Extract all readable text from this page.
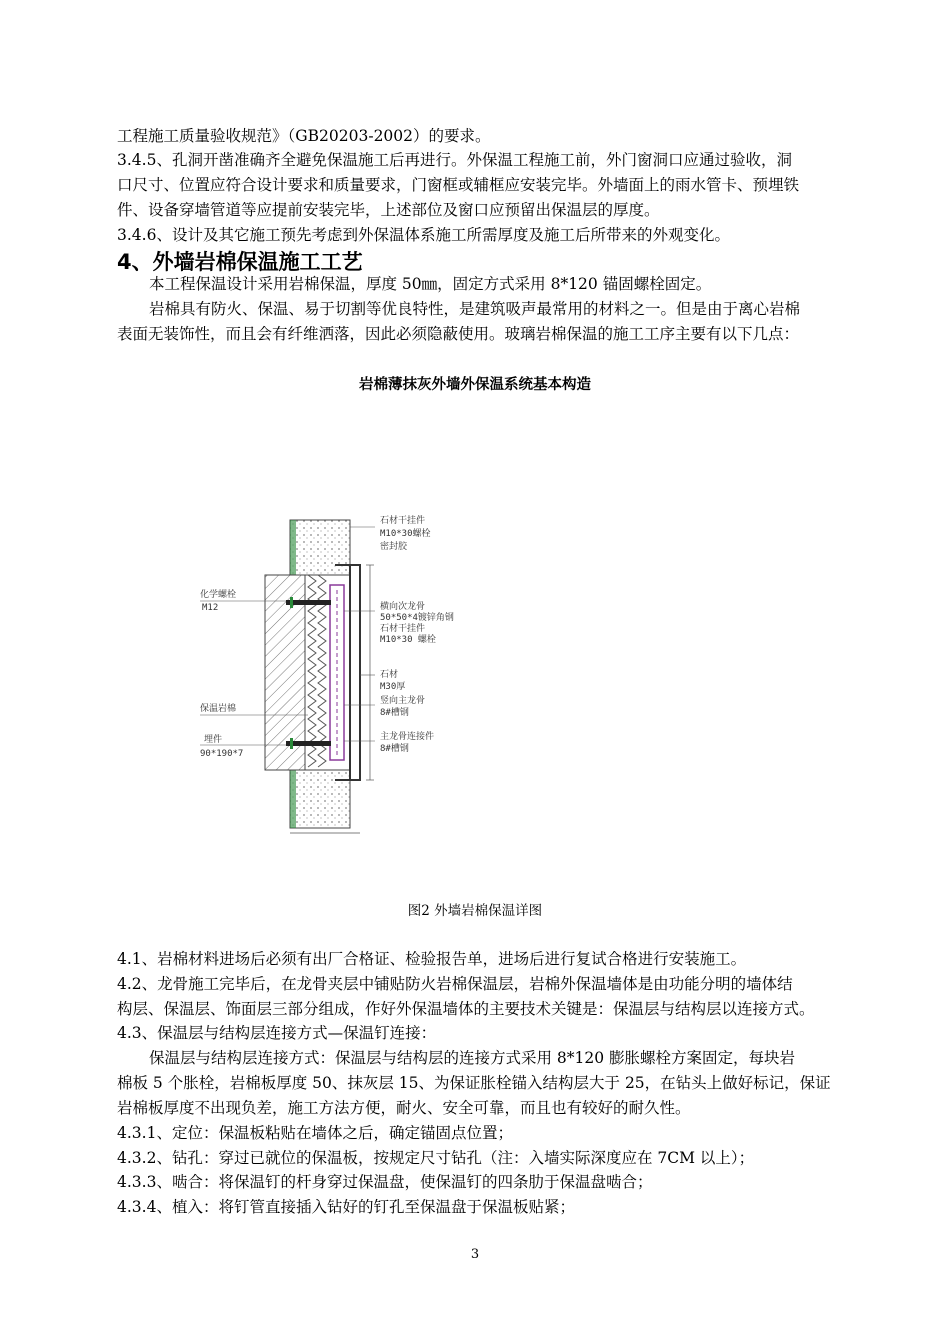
工程施工质量验收规范》（GB20203-2002）的要求。
3.4.5、孔洞开凿准确齐全避免保温施工后再进行。外保温工程施工前，外门窗洞口应通过验收，洞
口尺寸、位置应符合设计要求和质量要求，门窗框或辅框应安装完毕。外墙面上的雨水管卡、预埋铁
件、设备穿墙管道等应提前安装完毕，上述部位及窗口应预留出保温层的厚度。
3.4.6、设计及其它施工预先考虑到外保温体系施工所需厚度及施工后所带来的外观变化。
4、外墙岩棉保温施工工艺
本工程保温设计采用岩棉保温，厚度 50㎜，固定方式采用 8*120 锚固螺栓固定。
岩棉具有防火、保温、易于切割等优良特性，是建筑吸声最常用的材料之一。但是由于离心岩棉
表面无装饰性，而且会有纤维洒落，因此必须隐蔽使用。玻璃岩棉保温的施工工序主要有以下几点：
岩棉薄抹灰外墙外保温系统基本构造
石材干挂件
M10*30螺栓
密封胶
横向次龙骨
50*50*4镀锌角钢
石材干挂件
M10*30 螺栓
石材
M30厚
竖向主龙骨
8#槽钢
主龙骨连接件
8#槽钢
化学螺栓
M12
保温岩棉
埋件
90*190*7
图2 外墙岩棉保温详图
4.1、岩棉材料进场后必须有出厂合格证、检验报告单，进场后进行复试合格进行安装施工。
4.2、龙骨施工完毕后，在龙骨夹层中铺贴防火岩棉保温层，岩棉外保温墙体是由功能分明的墙体结
构层、保温层、饰面层三部分组成，作好外保温墙体的主要技术关键是：保温层与结构层以连接方式。
4.3、保温层与结构层连接方式—保温钉连接：
保温层与结构层连接方式：保温层与结构层的连接方式采用 8*120 膨胀螺栓方案固定，每块岩
棉板 5 个胀栓，岩棉板厚度 50、抹灰层 15、为保证胀栓锚入结构层大于 25，在钻头上做好标记，保证
岩棉板厚度不出现负差，施工方法方便，耐火、安全可靠，而且也有较好的耐久性。
4.3.1、定位：保温板粘贴在墙体之后，确定锚固点位置；
4.3.2、钻孔：穿过已就位的保温板，按规定尺寸钻孔（注：入墙实际深度应在 7CM 以上）；
4.3.3、啮合：将保温钉的杆身穿过保温盘，使保温钉的四条肋于保温盘啮合；
4.3.4、植入：将钉管直接插入钻好的钉孔至保温盘于保温板贴紧；
3
